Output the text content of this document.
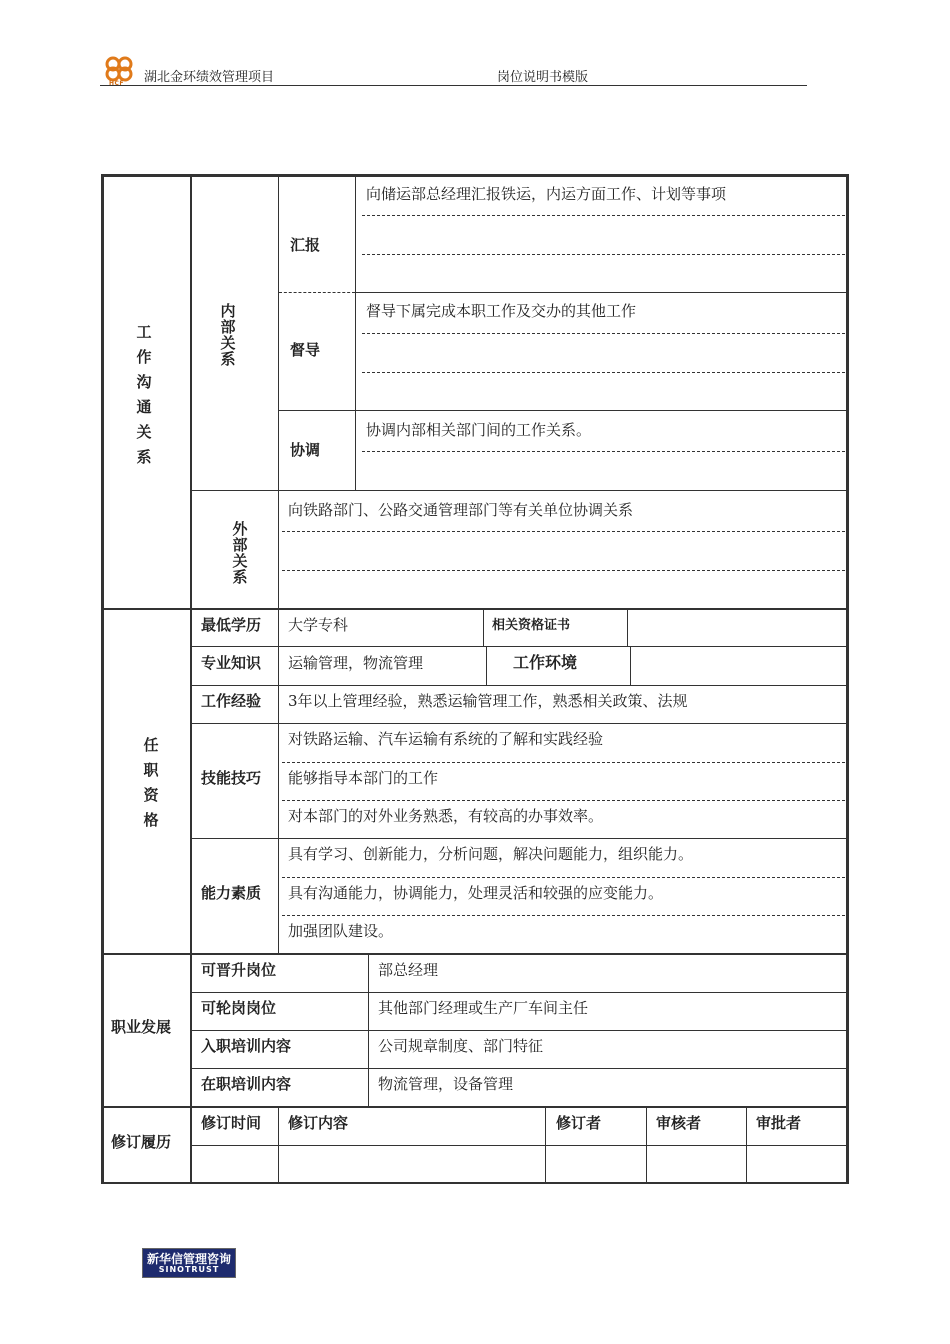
HCF 湖北金环绩效管理项目	岗位说明书模版
工作沟通关系
内部关系
汇报
向储运部总经理汇报铁运，内运方面工作、计划等事项
督导
督导下属完成本职工作及交办的其他工作
协调
协调内部相关部门间的工作关系。
外部关系
向铁路部门、公路交通管理部门等有关单位协调关系
任职资格
最低学历 大学专科	相关资格证书
专业知识 运输管理，物流管理	工作环境
工作经验 3年以上管理经验，熟悉运输管理工作，熟悉相关政策、法规
技能技巧
对铁路运输、汽车运输有系统的了解和实践经验
能够指导本部门的工作
对本部门的对外业务熟悉，有较高的办事效率。
能力素质
具有学习、创新能力，分析问题，解决问题能力，组织能力。
具有沟通能力，协调能力，处理灵活和较强的应变能力。
加强团队建设。
职业发展
可晋升岗位	部总经理
可轮岗岗位	其他部门经理或生产厂车间主任
入职培训内容	公司规章制度、部门特征
在职培训内容	物流管理，设备管理
修订履历
修订时间 修订内容	修订者	审核者	审批者
新华信管理咨询
SINOTRUST
